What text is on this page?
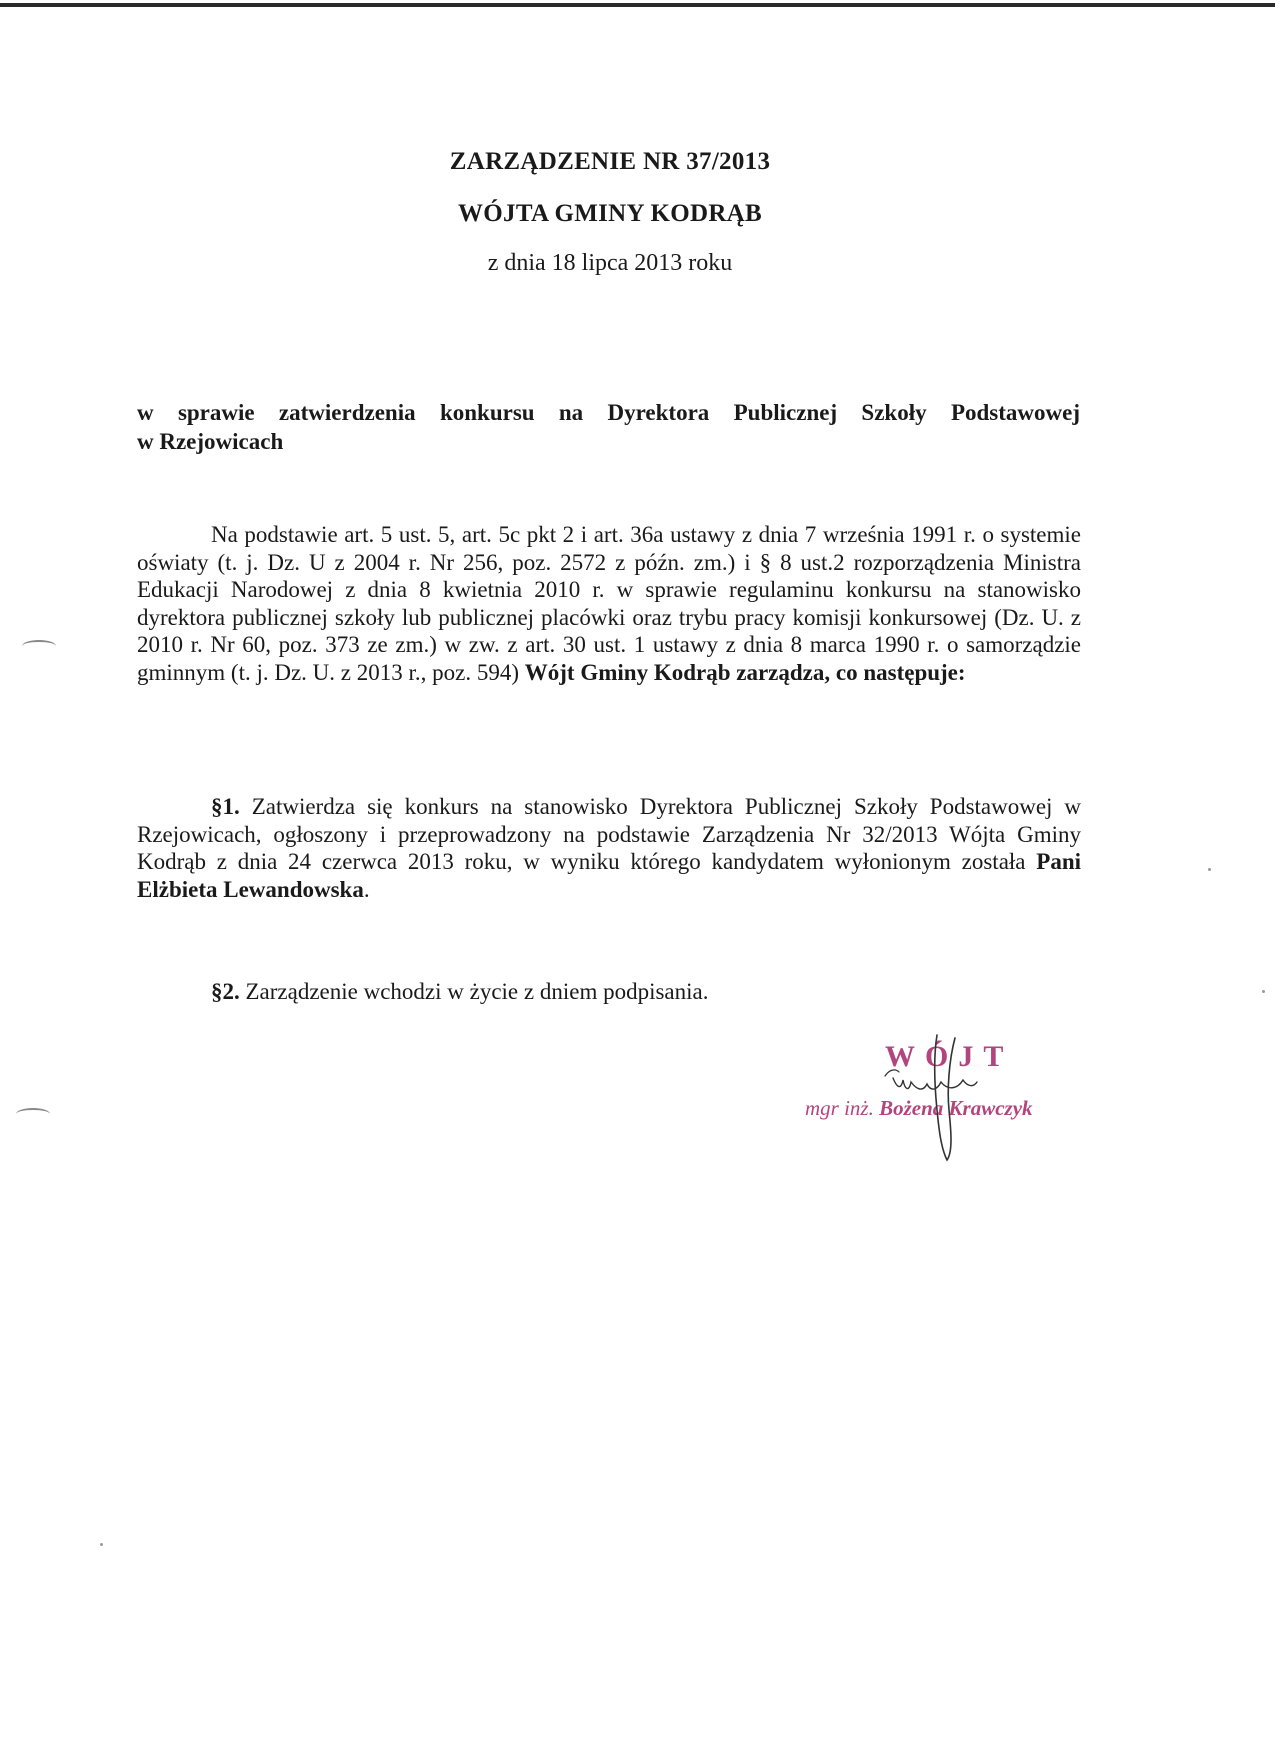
ZARZĄDZENIE NR 37/2013
WÓJTA GMINY KODRĄB
z dnia 18 lipca 2013 roku
w sprawie zatwierdzenia konkursu na Dyrektora Publicznej Szkoły Podstawowej
w Rzejowicach
Na podstawie art. 5 ust. 5, art. 5c pkt 2 i art. 36a ustawy z dnia 7 września 1991 r. o systemie oświaty (t. j. Dz. U z 2004 r. Nr 256, poz. 2572 z późn. zm.) i § 8 ust.2 rozporządzenia Ministra Edukacji Narodowej z dnia 8 kwietnia 2010 r. w sprawie regulaminu konkursu na stanowisko dyrektora publicznej szkoły lub publicznej placówki oraz trybu pracy komisji konkursowej (Dz. U. z 2010 r. Nr 60, poz. 373 ze zm.) w zw. z art. 30 ust. 1 ustawy z dnia 8 marca 1990 r. o samorządzie gminnym (t. j. Dz. U. z 2013 r., poz. 594) Wójt Gminy Kodrąb zarządza, co następuje:
§1. Zatwierdza się konkurs na stanowisko Dyrektora Publicznej Szkoły Podstawowej w Rzejowicach, ogłoszony i przeprowadzony na podstawie Zarządzenia Nr 32/2013 Wójta Gminy Kodrąb z dnia 24 czerwca 2013 roku, w wyniku którego kandydatem wyłonionym została Pani Elżbieta Lewandowska.
§2. Zarządzenie wchodzi w życie z dniem podpisania.
WÓJT
mgr inż. Bożena Krawczyk
